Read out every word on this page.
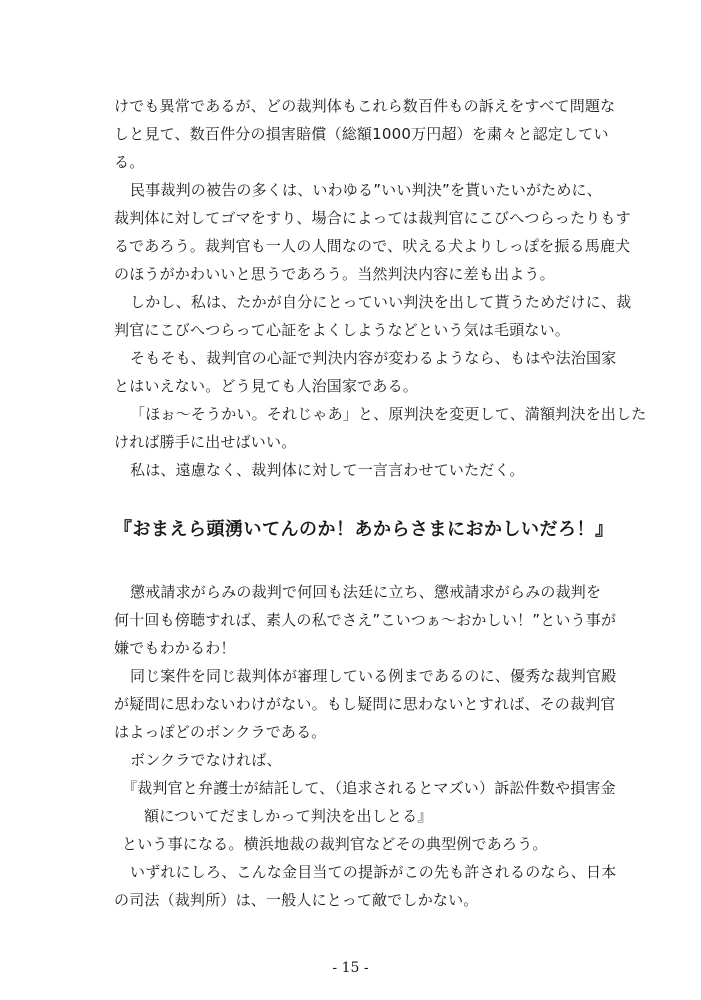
けでも異常であるが、どの裁判体もこれら数百件もの訴えをすべて問題な
しと見て、数百件分の損害賠償（総額1000万円超）を粛々と認定してい
る。
民事裁判の被告の多くは、いわゆる”いい判決”を貰いたいがために、
裁判体に対してゴマをすり、場合によっては裁判官にこびへつらったりもす
るであろう。裁判官も一人の人間なので、吠える犬よりしっぽを振る馬鹿犬
のほうがかわいいと思うであろう。当然判決内容に差も出よう。
しかし、私は、たかが自分にとっていい判決を出して貰うためだけに、裁
判官にこびへつらって心証をよくしようなどという気は毛頭ない。
そもそも、裁判官の心証で判決内容が変わるようなら、もはや法治国家
とはいえない。どう見ても人治国家である。
「ほぉ～そうかい。それじゃあ」と、原判決を変更して、満額判決を出した
ければ勝手に出せばいい。
私は、遠慮なく、裁判体に対して一言言わせていただく。
『おまえら頭湧いてんのか！あからさまにおかしいだろ！』
懲戒請求がらみの裁判で何回も法廷に立ち、懲戒請求がらみの裁判を
何十回も傍聴すれば、素人の私でさえ”こいつぁ～おかしい！”という事が
嫌でもわかるわ！
同じ案件を同じ裁判体が審理している例まであるのに、優秀な裁判官殿
が疑問に思わないわけがない。もし疑問に思わないとすれば、その裁判官
はよっぽどのボンクラである。
ボンクラでなければ、
『裁判官と弁護士が結託して、（追求されるとマズい）訴訟件数や損害金
額についてだましかって判決を出しとる』
という事になる。横浜地裁の裁判官などその典型例であろう。
いずれにしろ、こんな金目当ての提訴がこの先も許されるのなら、日本
の司法（裁判所）は、一般人にとって敵でしかない。
- 15 -
